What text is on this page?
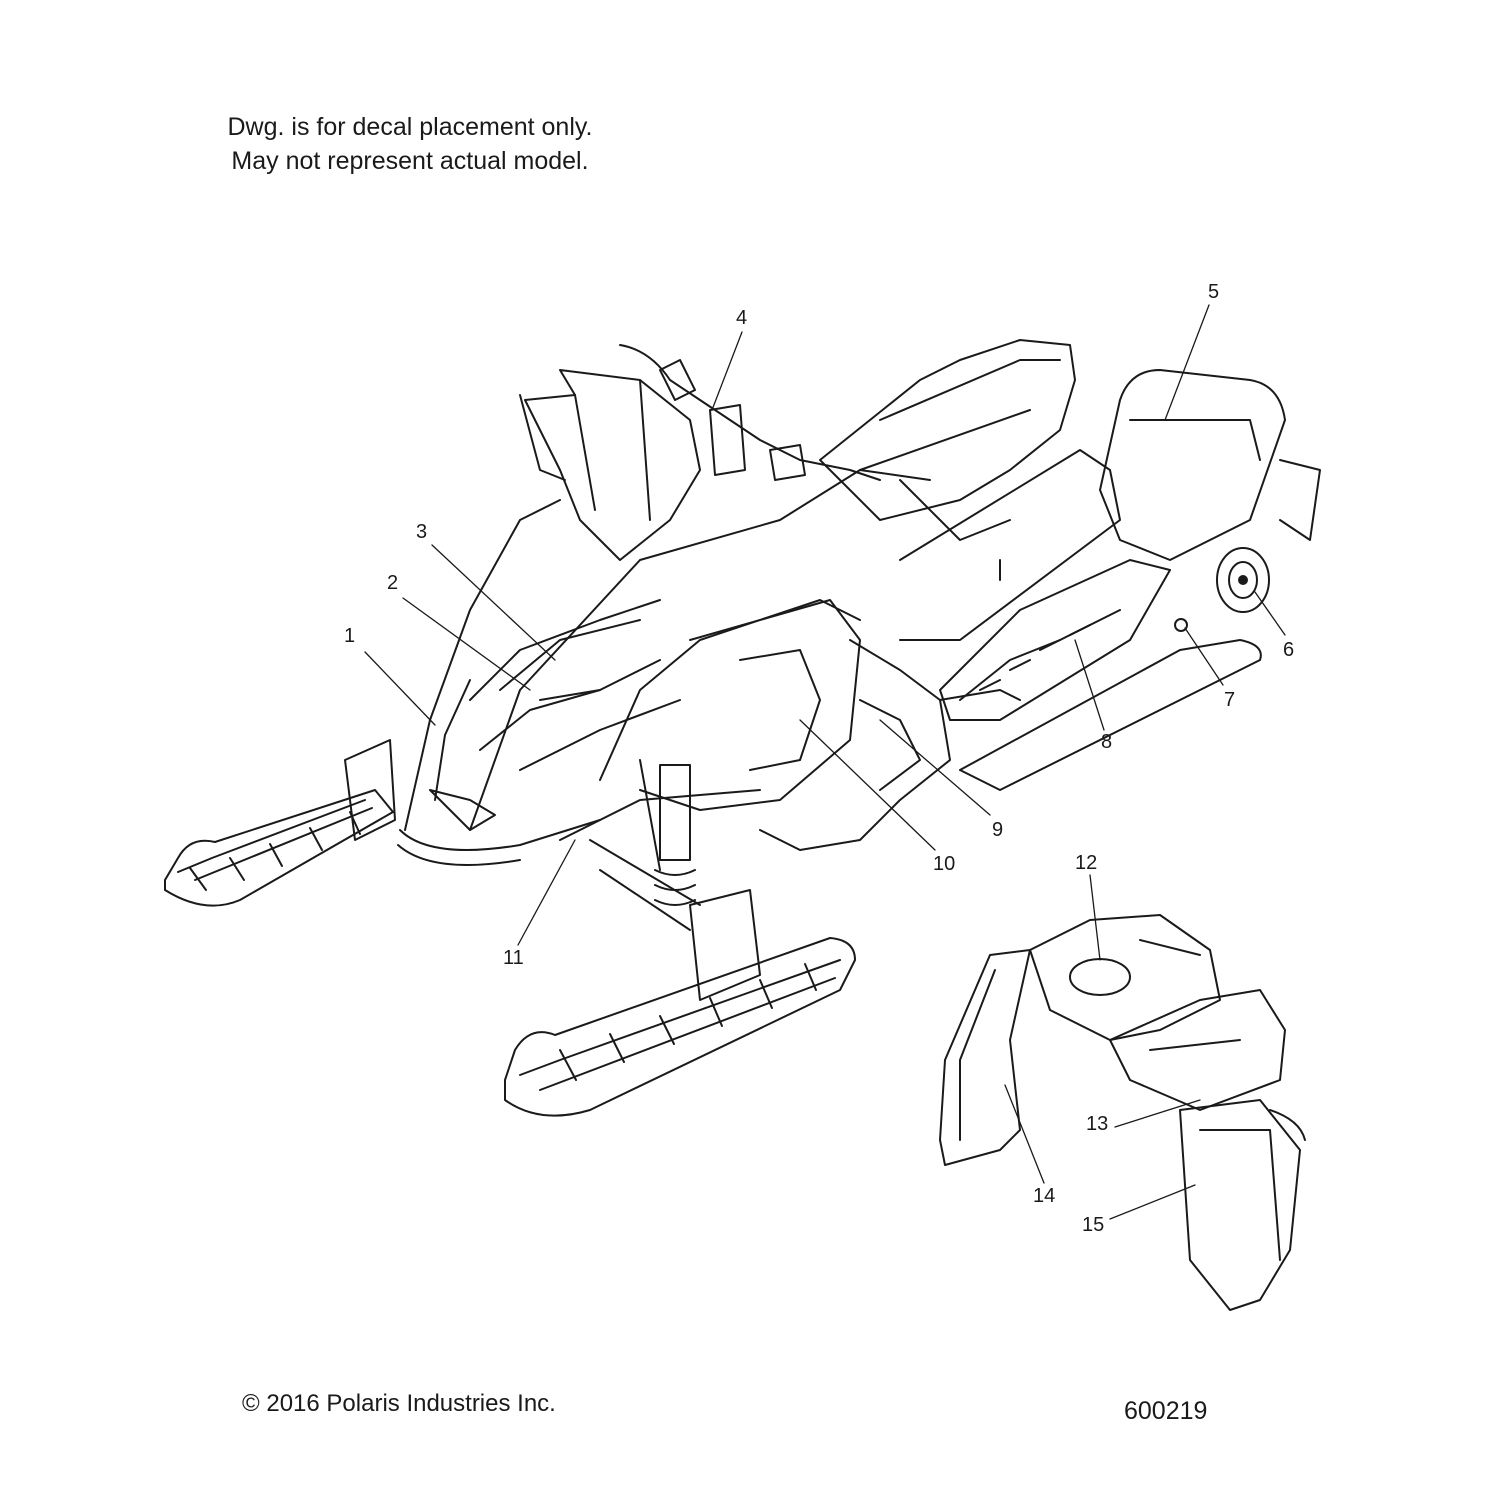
Dwg. is for decal placement only.
May not represent actual model.
1
2
3
4
5
6
7
8
9
10
11
12
13
14
15
© 2016 Polaris Industries Inc.	600219
